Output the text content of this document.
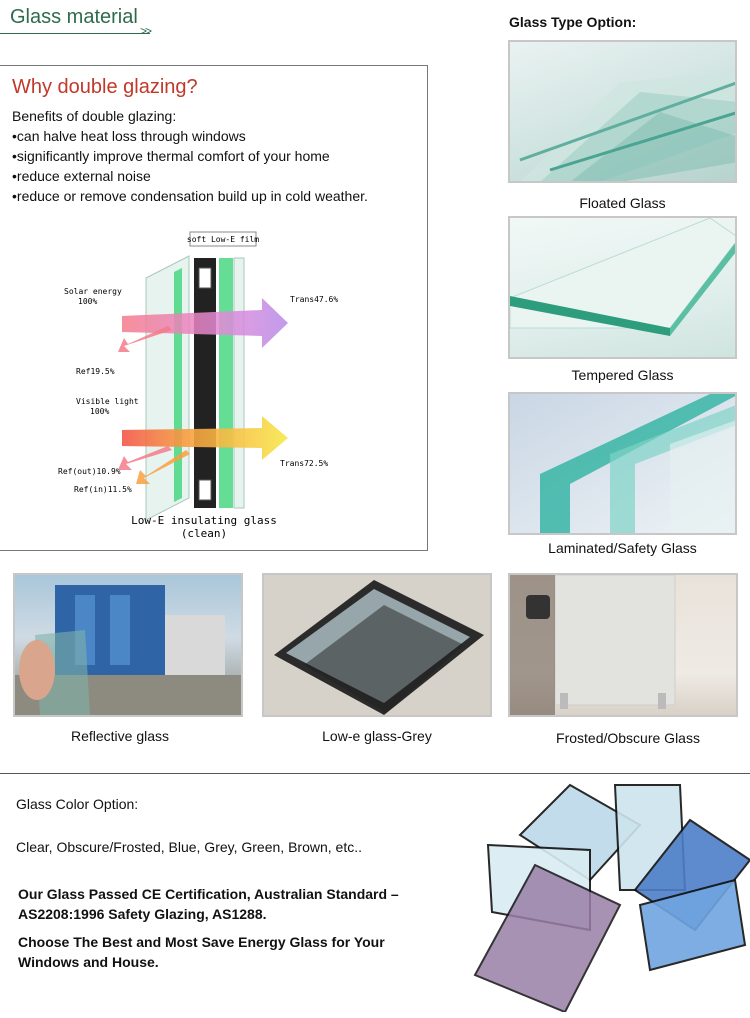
Glass material
>>
Why double glazing?
Benefits of double glazing:
• can halve heat loss through windows
• significantly improve thermal comfort of your home
• reduce external noise
• reduce or remove condensation build up in cold weather.
soft Low-E film
Solar energy
100%	Trans47.6%
Ref19.5%
Visible light
100%
Trans72.5%
Ref(out)10.9%
Ref(in)11.5%
Low-E insulating glass
(clean)
Glass Type Option:
Floated Glass
Tempered Glass
Laminated/Safety Glass
Reflective glass	Low-e glass-Grey	Frosted/Obscure Glass
Glass Color Option:
Clear, Obscure/Frosted, Blue, Grey, Green, Brown, etc..
Our Glass Passed CE Certification, Australian Standard – AS2208:1996 Safety Glazing, AS1288.
Choose The Best and Most Save Energy Glass for Your Windows and House.
